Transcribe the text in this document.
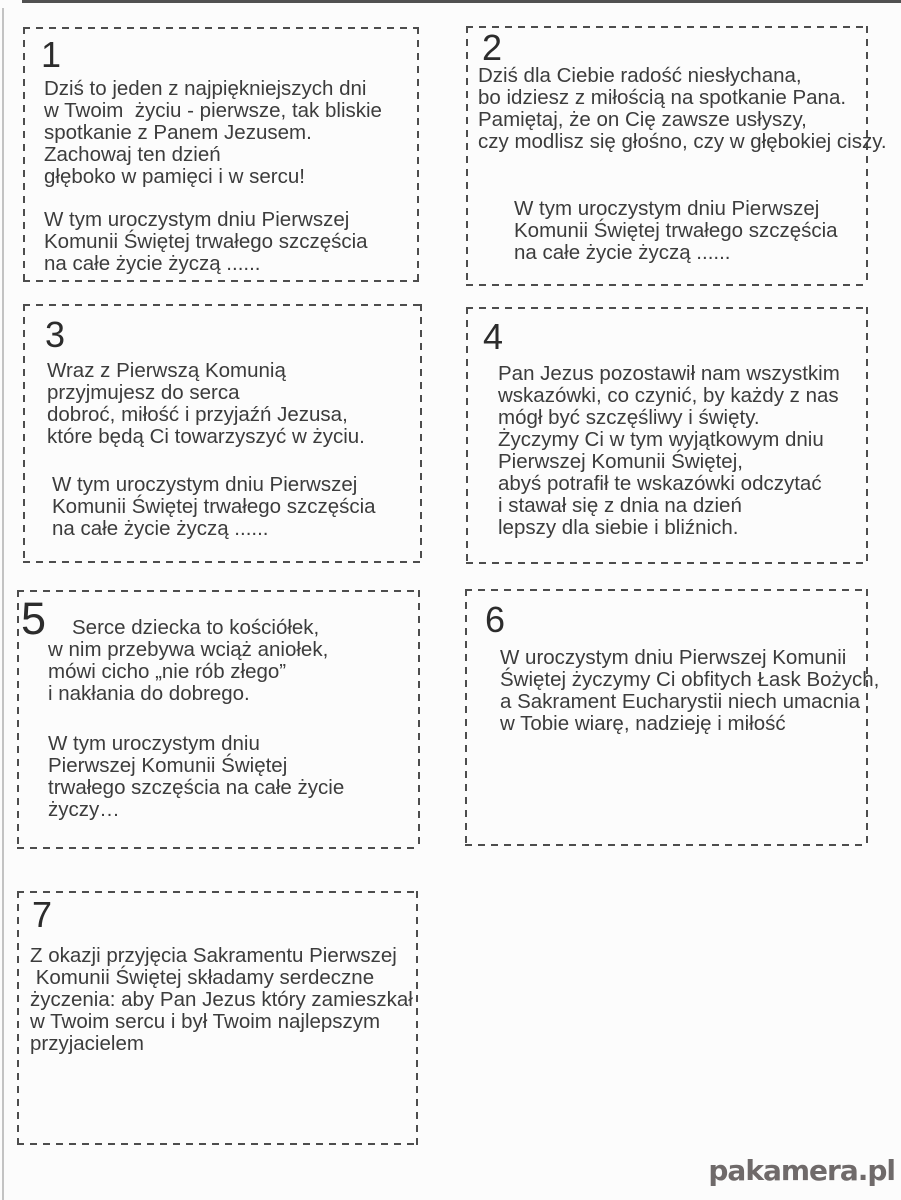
1
Dziś to jeden z najpiękniejszych dni
w Twoim  życiu - pierwsze, tak bliskie
spotkanie z Panem Jezusem.
Zachowaj ten dzień
głęboko w pamięci i w sercu!
W tym uroczystym dniu Pierwszej
Komunii Świętej trwałego szczęścia
na całe życie życzą ......
2
Dziś dla Ciebie radość niesłychana,
bo idziesz z miłością na spotkanie Pana.
Pamiętaj, że on Cię zawsze usłyszy,
czy modlisz się głośno, czy w głębokiej ciszy.
W tym uroczystym dniu Pierwszej
Komunii Świętej trwałego szczęścia
na całe życie życzą ......
3
Wraz z Pierwszą Komunią
przyjmujesz do serca
dobroć, miłość i przyjaźń Jezusa,
które będą Ci towarzyszyć w życiu.
W tym uroczystym dniu Pierwszej
Komunii Świętej trwałego szczęścia
na całe życie życzą ......
4
Pan Jezus pozostawił nam wszystkim
wskazówki, co czynić, by każdy z nas
mógł być szczęśliwy i święty.
Życzymy Ci w tym wyjątkowym dniu
Pierwszej Komunii Świętej,
abyś potrafił te wskazówki odczytać
i stawał się z dnia na dzień
lepszy dla siebie i bliźnich.
5	Serce dziecka to kościółek,
w nim przebywa wciąż aniołek,
mówi cicho „nie rób złego”
i nakłania do dobrego.
W tym uroczystym dniu
Pierwszej Komunii Świętej
trwałego szczęścia na całe życie
życzy…
6
W uroczystym dniu Pierwszej Komunii
Świętej życzymy Ci obfitych Łask Bożych,
a Sakrament Eucharystii niech umacnia
w Tobie wiarę, nadzieję i miłość
7
Z okazji przyjęcia Sakramentu Pierwszej
Komunii Świętej składamy serdeczne
życzenia: aby Pan Jezus który zamieszkał
w Twoim sercu i był Twoim najlepszym
przyjacielem
pakamera.pl
